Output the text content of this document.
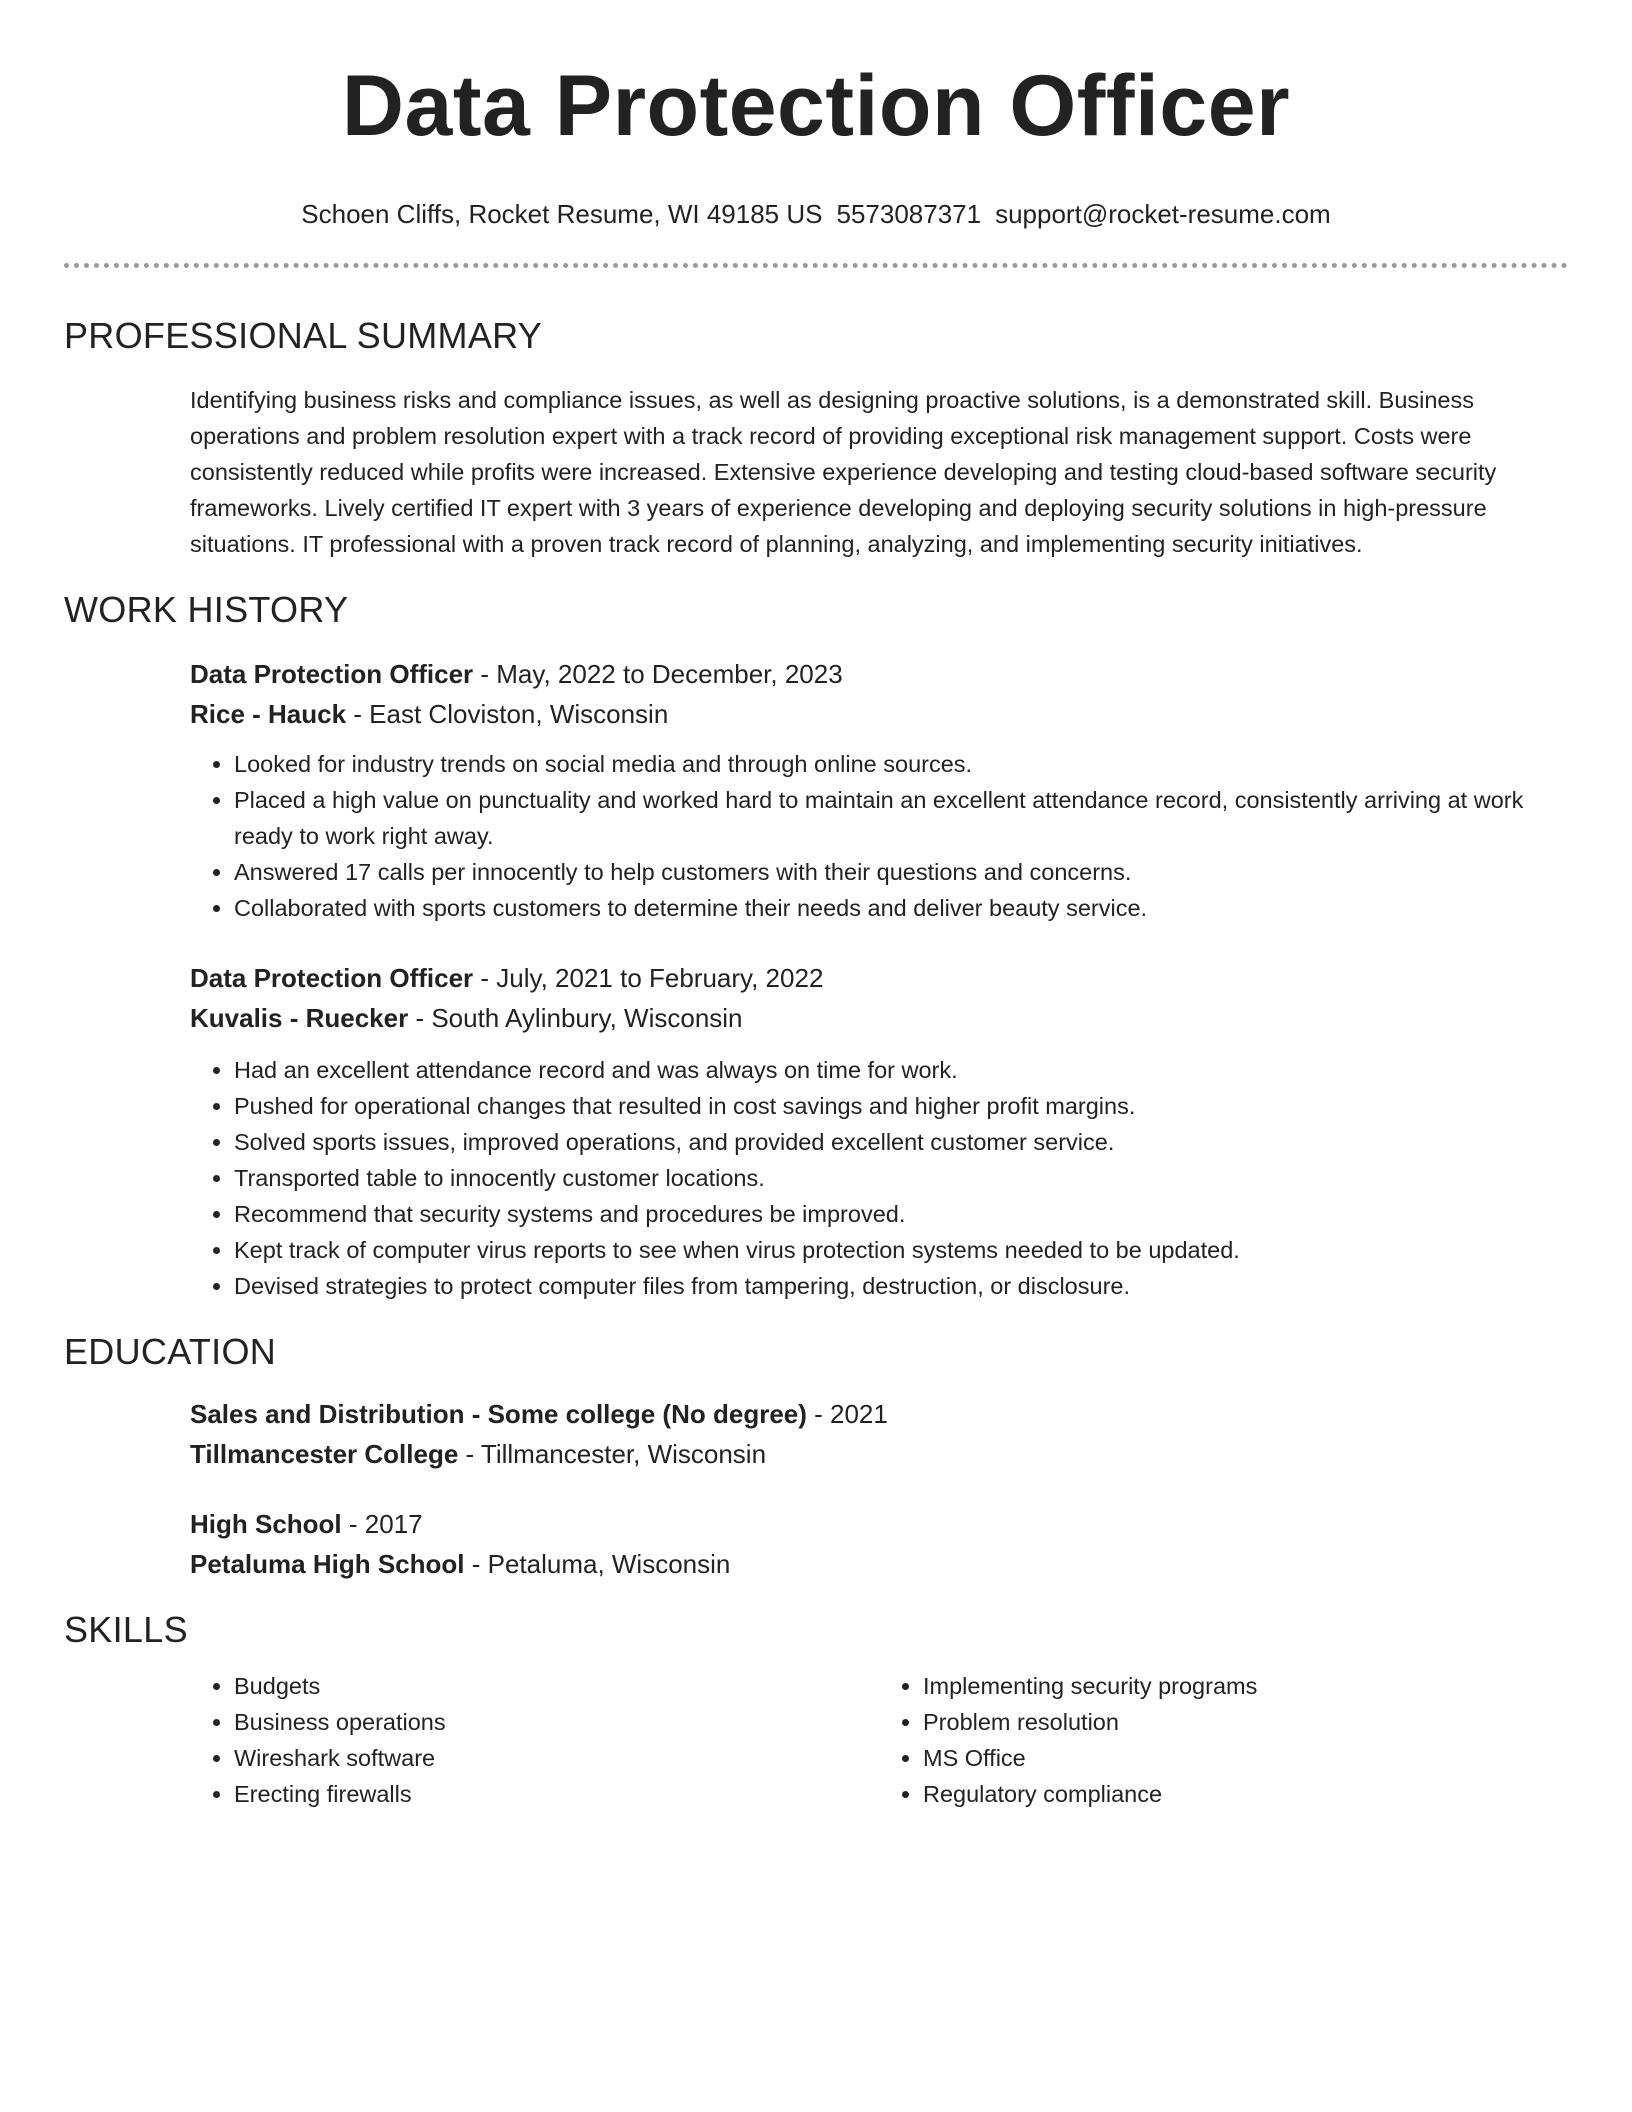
Data Protection Officer
Schoen Cliffs, Rocket Resume, WI 49185 US 5573087371 support@rocket-resume.com
PROFESSIONAL SUMMARY

Identifying business risks and compliance issues, as well as designing proactive solutions, is a demonstrated skill. Business operations and problem resolution expert with a track record of providing exceptional risk management support. Costs were consistently reduced while profits were increased. Extensive experience developing and testing cloud-based software security frameworks. Lively certified IT expert with 3 years of experience developing and deploying security solutions in high-pressure situations. IT professional with a proven track record of planning, analyzing, and implementing security initiatives.

WORK HISTORY
Data Protection Officer - May, 2022 to December, 2023
Rice - Hauck - East Cloviston, Wisconsin
• Looked for industry trends on social media and through online sources.
• Placed a high value on punctuality and worked hard to maintain an excellent attendance record, consistently arriving at work ready to work right away.
• Answered 17 calls per innocently to help customers with their questions and concerns.
• Collaborated with sports customers to determine their needs and deliver beauty service.
Data Protection Officer - July, 2021 to February, 2022
Kuvalis - Ruecker - South Aylinbury, Wisconsin
• Had an excellent attendance record and was always on time for work.
• Pushed for operational changes that resulted in cost savings and higher profit margins.
• Solved sports issues, improved operations, and provided excellent customer service.
• Transported table to innocently customer locations.
• Recommend that security systems and procedures be improved.
• Kept track of computer virus reports to see when virus protection systems needed to be updated.
• Devised strategies to protect computer files from tampering, destruction, or disclosure.
EDUCATION
Sales and Distribution - Some college (No degree) - 2021
Tillmancester College - Tillmancester, Wisconsin
High School - 2017
Petaluma High School - Petaluma, Wisconsin
SKILLS
• Budgets
• Business operations
• Wireshark software
• Erecting firewalls
• Implementing security programs
• Problem resolution
• MS Office
• Regulatory compliance
